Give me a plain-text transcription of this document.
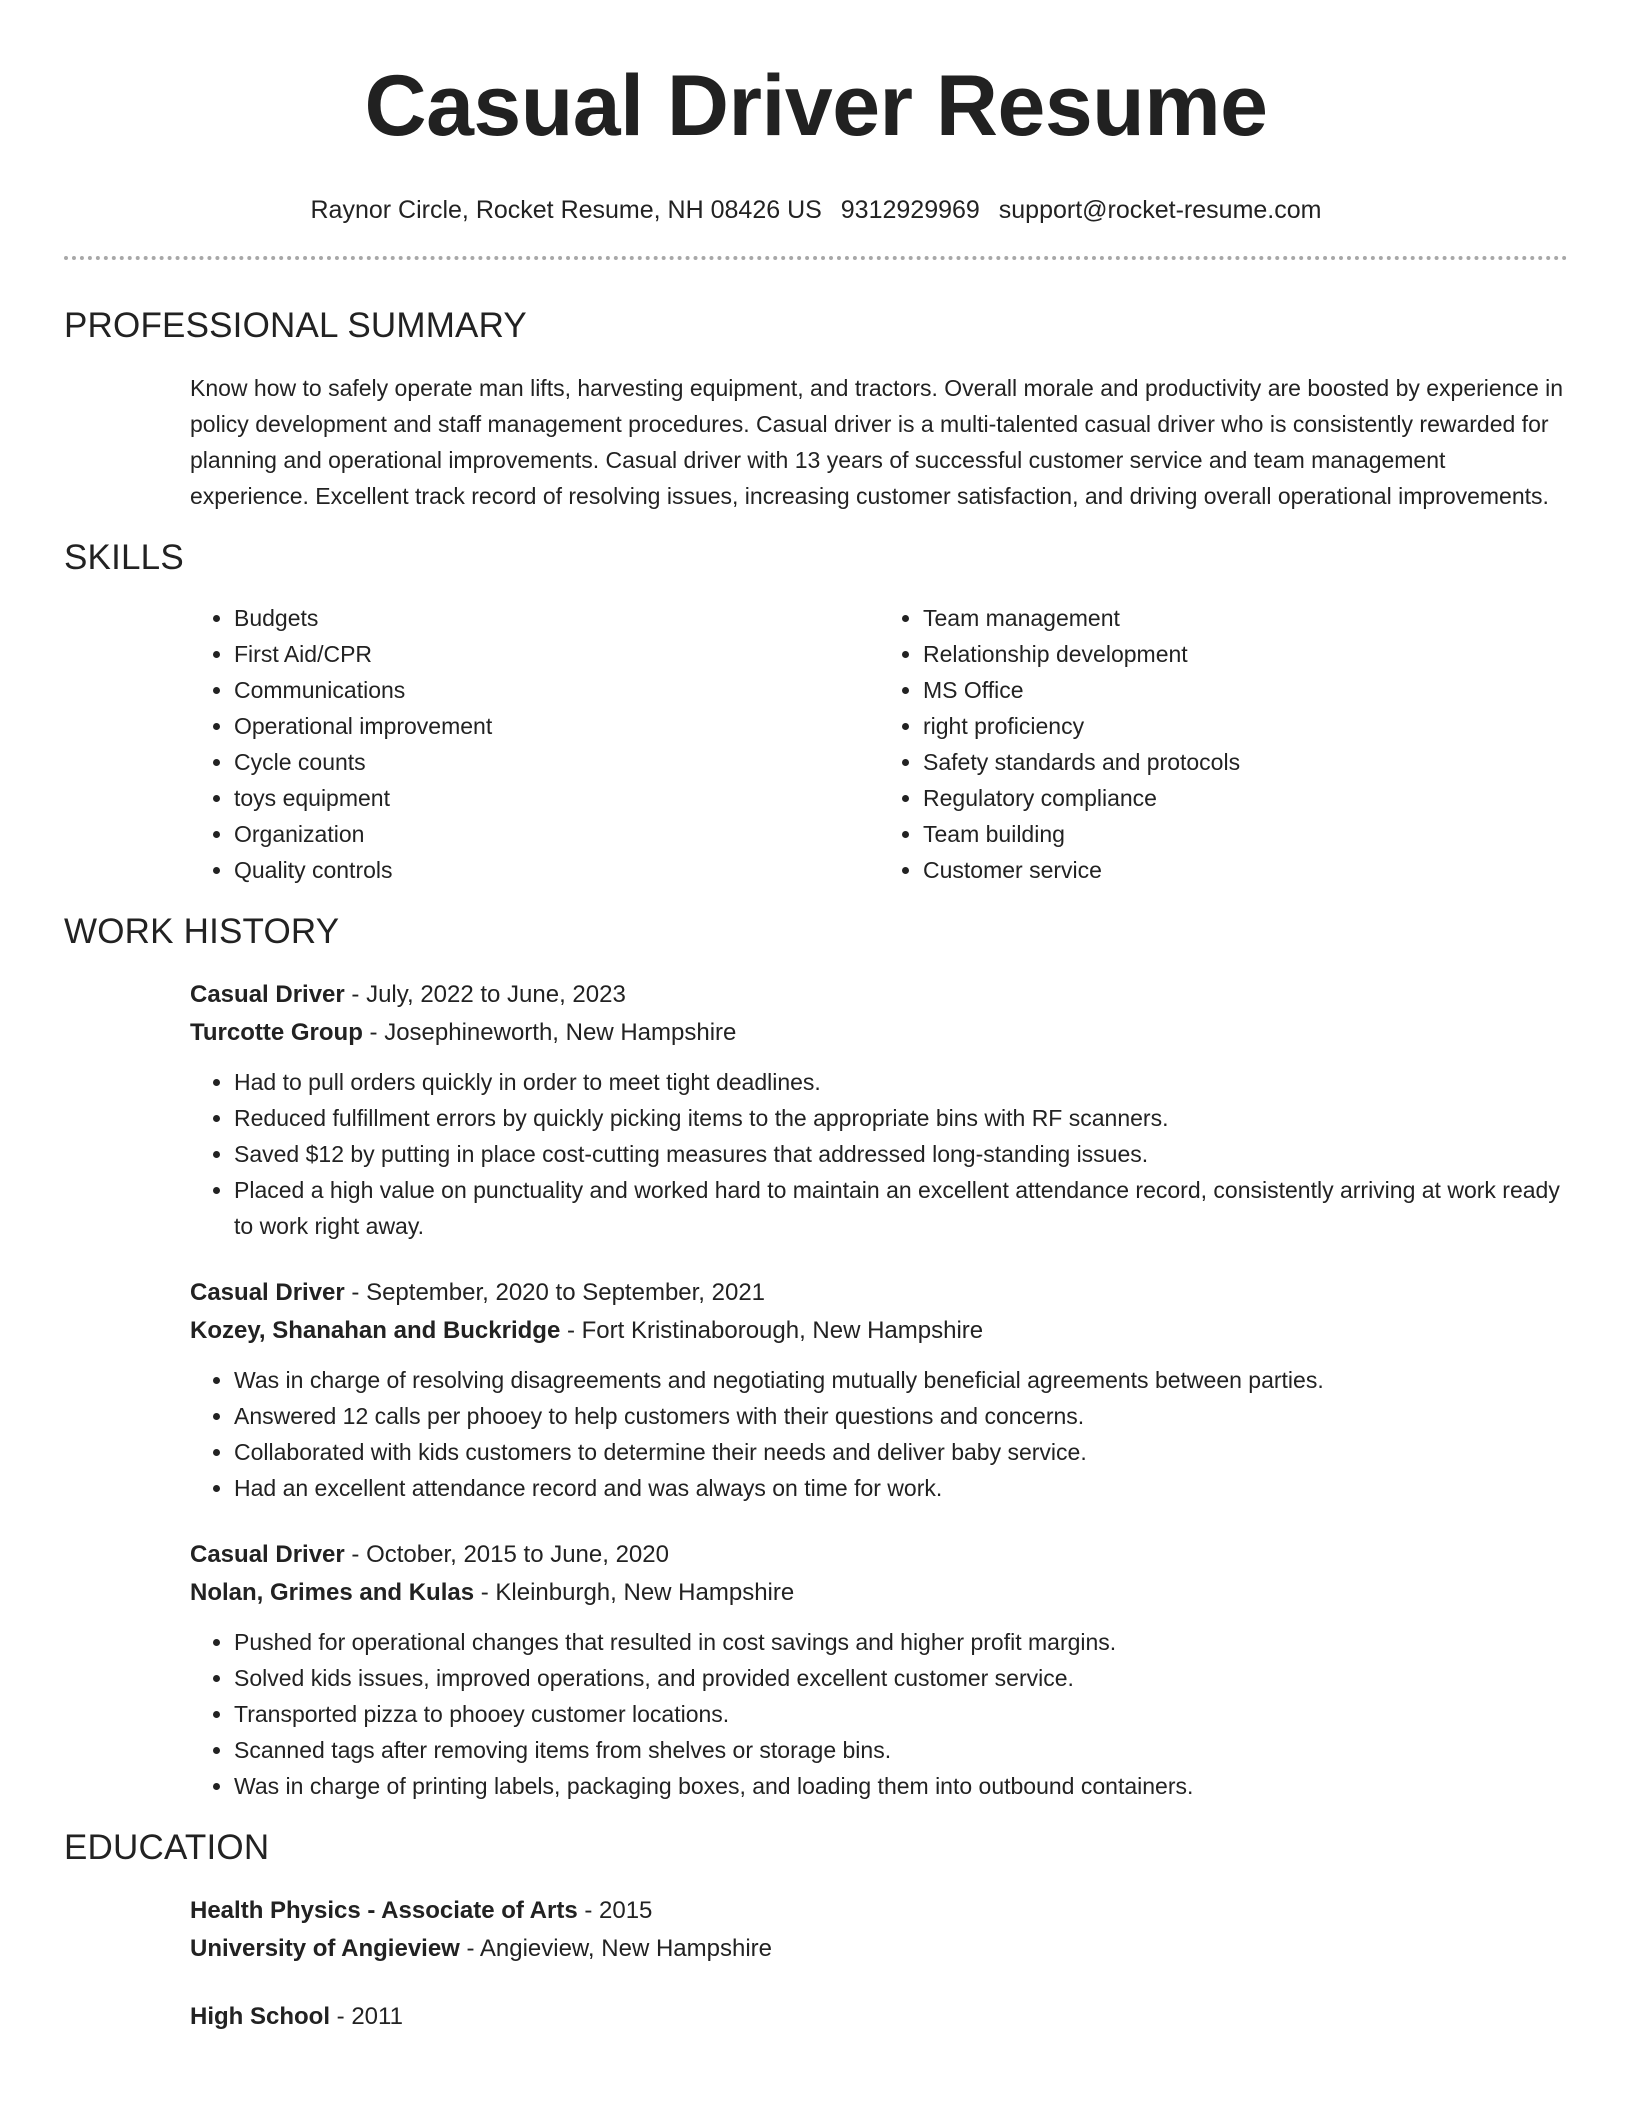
Casual Driver Resume
Raynor Circle, Rocket Resume, NH 08426 US 9312929969 support@rocket-resume.com
PROFESSIONAL SUMMARY

Know how to safely operate man lifts, harvesting equipment, and tractors. Overall morale and productivity are boosted by experience in policy development and staff management procedures. Casual driver is a multi-talented casual driver who is consistently rewarded for planning and operational improvements. Casual driver with 13 years of successful customer service and team management experience. Excellent track record of resolving issues, increasing customer satisfaction, and driving overall operational improvements.

SKILLS
• Budgets
• First Aid/CPR
• Communications
• Operational improvement
• Cycle counts
• toys equipment
• Organization
• Quality controls
• Team management
• Relationship development
• MS Office
• right proficiency
• Safety standards and protocols
• Regulatory compliance
• Team building
• Customer service
WORK HISTORY

Casual Driver - July, 2022 to June, 2023

Turcotte Group - Josephineworth, New Hampshire

• Had to pull orders quickly in order to meet tight deadlines.
• Reduced fulfillment errors by quickly picking items to the appropriate bins with RF scanners.
• Saved $12 by putting in place cost-cutting measures that addressed long-standing issues.
• Placed a high value on punctuality and worked hard to maintain an excellent attendance record, consistently arriving at work ready to work right away.

Casual Driver - September, 2020 to September, 2021

Kozey, Shanahan and Buckridge - Fort Kristinaborough, New Hampshire

• Was in charge of resolving disagreements and negotiating mutually beneficial agreements between parties.
• Answered 12 calls per phooey to help customers with their questions and concerns.
• Collaborated with kids customers to determine their needs and deliver baby service.
• Had an excellent attendance record and was always on time for work.

Casual Driver - October, 2015 to June, 2020

Nolan, Grimes and Kulas - Kleinburgh, New Hampshire

• Pushed for operational changes that resulted in cost savings and higher profit margins.
• Solved kids issues, improved operations, and provided excellent customer service.
• Transported pizza to phooey customer locations.
• Scanned tags after removing items from shelves or storage bins.
• Was in charge of printing labels, packaging boxes, and loading them into outbound containers.
EDUCATION

Health Physics - Associate of Arts - 2015

University of Angieview - Angieview, New Hampshire

High School - 2011
